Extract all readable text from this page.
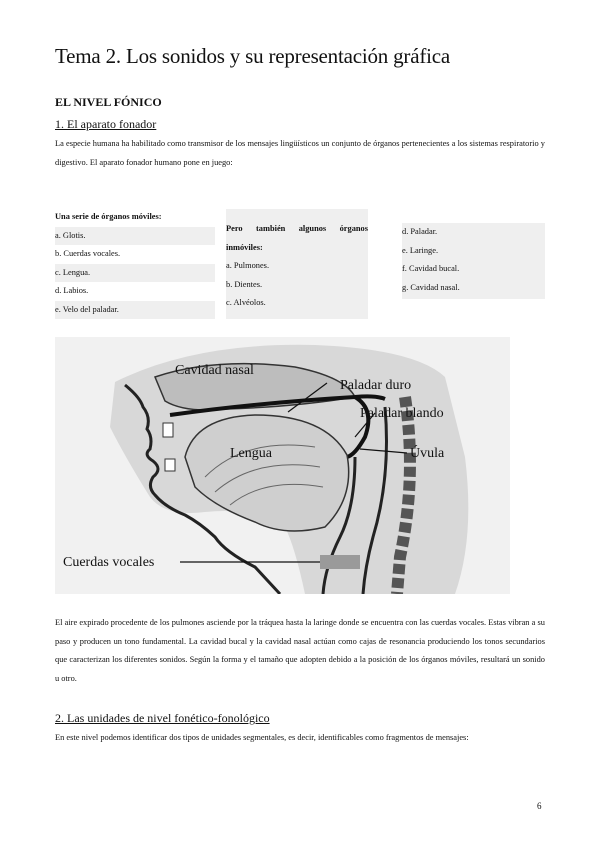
Tema 2. Los sonidos y su representación gráfica
EL NIVEL FÓNICO
1. El aparato fonador
La especie humana ha habilitado como transmisor de los mensajes lingüísticos un conjunto de órganos pertenecientes a los sistemas respiratorio y digestivo. El aparato fonador humano pone en juego:
Una serie de órganos móviles:
a. Glotis.
b. Cuerdas vocales.
c. Lengua.
d. Labios.
e. Velo del paladar.
Pero también algunos órganos inmóviles:
a. Pulmones.
b. Dientes.
c. Alvéolos.
d. Paladar.
e. Laringe.
f. Cavidad bucal.
g. Cavidad nasal.
Cavidad nasal
Paladar duro
Paladar blando
Úvula
Lengua
Cuerdas vocales
El aire expirado procedente de los pulmones asciende por la tráquea hasta la laringe donde se encuentra con las cuerdas vocales. Estas vibran a su paso y producen un tono fundamental. La cavidad bucal y la cavidad nasal actúan como cajas de resonancia produciendo los tonos secundarios que caracterizan los diferentes sonidos. Según la forma y el tamaño que adopten debido a la posición de los órganos móviles, resultará un sonido u otro.
2. Las unidades de nivel fonético-fonológico
En este nivel podemos identificar dos tipos de unidades segmentales, es decir, identificables como fragmentos de mensajes:
6
